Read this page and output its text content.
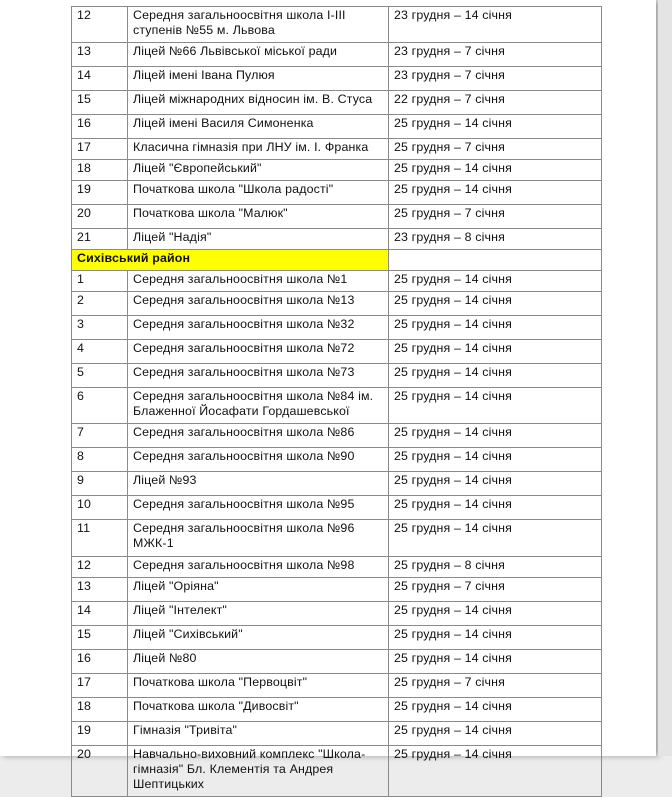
12	Середня загальноосвітня школа І-ІІІ ступенів №55 м. Львова	23 грудня – 14 січня
13	Ліцей №66 Львівської міської ради	23 грудня – 7 січня
14	Ліцей імені Івана Пулюя	23 грудня – 7 січня
15	Ліцей міжнародних відносин ім. В. Стуса	22 грудня – 7 січня
16	Ліцей імені Василя Симоненка	25 грудня – 14 січня
17	Класична гімназія при ЛНУ ім. І. Франка	25 грудня – 7 січня
18	Ліцей "Європейський"	25 грудня – 14 січня
19	Початкова школа "Школа радості"	25 грудня – 14 січня
20	Початкова школа "Малюк"	25 грудня – 7 січня
21	Ліцей "Надія"	23 грудня – 8 січня
Сихівський район		
1	Середня загальноосвітня школа №1	25 грудня – 14 січня
2	Середня загальноосвітня школа №13	25 грудня – 14 січня
3	Середня загальноосвітня школа №32	25 грудня – 14 січня
4	Середня загальноосвітня школа №72	25 грудня – 14 січня
5	Середня загальноосвітня школа №73	25 грудня – 14 січня
6	Середня загальноосвітня школа №84 ім. Блаженної Йосафати Гордашевської	25 грудня – 14 січня
7	Середня загальноосвітня школа №86	25 грудня – 14 січня
8	Середня загальноосвітня школа №90	25 грудня – 14 січня
9	Ліцей №93	25 грудня – 14 січня
10	Середня загальноосвітня школа №95	25 грудня – 14 січня
11	Середня загальноосвітня школа №96 МЖК-1	25 грудня – 14 січня
12	Середня загальноосвітня школа №98	25 грудня – 8 січня
13	Ліцей "Оріяна"	25 грудня – 7 січня
14	Ліцей "Інтелект"	25 грудня – 14 січня
15	Ліцей "Сихівський"	25 грудня – 14 січня
16	Ліцей №80	25 грудня – 14 січня
17	Початкова школа "Первоцвіт"	25 грудня – 7 січня
18	Початкова школа "Дивосвіт"	25 грудня – 14 січня
19	Гімназія "Тривіта"	25 грудня – 14 січня
20	Навчально-виховний комплекс "Школа-гімназія" Бл. Клементія та Андрея Шептицьких	25 грудня – 14 січня
